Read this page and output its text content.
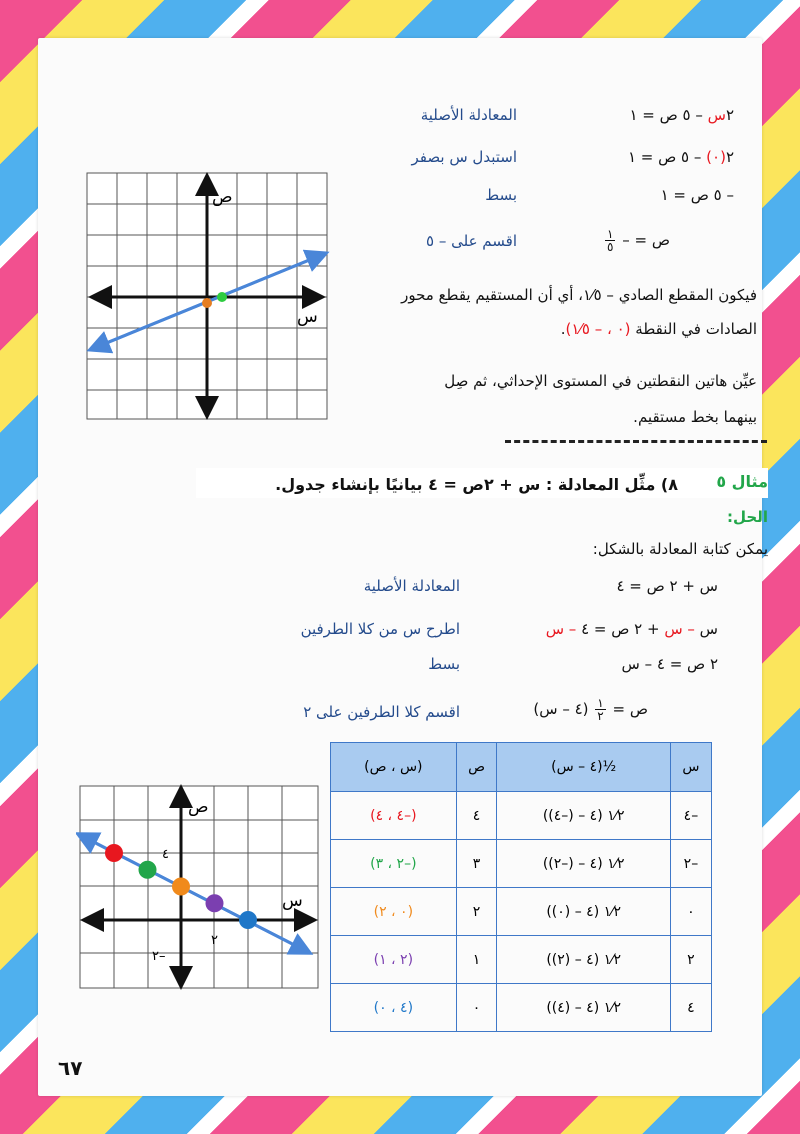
٢س – ٥ ص = ١
المعادلة الأصلية
٢(٠) – ٥ ص = ١
استبدل س بصفر
– ٥ ص = ١
بسط
ص = –
$\frac{١}{٥}$
اقسم على – ٥
فيكون المقطع الصادي – ١⁄٥، أي أن المستقيم يقطع محور
الصادات في النقطة (٠ ، – ١⁄٥).
عيِّن هاتين النقطتين في المستوى الإحداثي، ثم صِل
بينهما بخط مستقيم.
ص
س
مثال ٥
٨) مثِّل المعادلة : س + ٢ص = ٤ بيانيًا بإنشاء جدول.
الحل:
يمكن كتابة المعادلة بالشكل:
س + ٢ ص = ٤
المعادلة الأصلية
س – س + ٢ ص = ٤ – س
اطرح س من كلا الطرفين
٢ ص = ٤ – س
بسط
ص =
$\frac{١}{٢}$
(٤ – س)
اقسم كلا الطرفين على ٢
س	½(٤ – س)	ص	(س ، ص)
–٤	١⁄٢ (٤ – (–٤))	٤	(–٤ ، ٤)
–٢	١⁄٢ (٤ – (–٢))	٣	(–٢ ، ٣)
٠	١⁄٢ (٤ – (٠))	٢	(٠ ، ٢)
٢	١⁄٢ (٤ – (٢))	١	(٢ ، ١)
٤	١⁄٢ (٤ – (٤))	٠	(٤ ، ٠)
ص
س
٤
٢
٢–
٦٧
